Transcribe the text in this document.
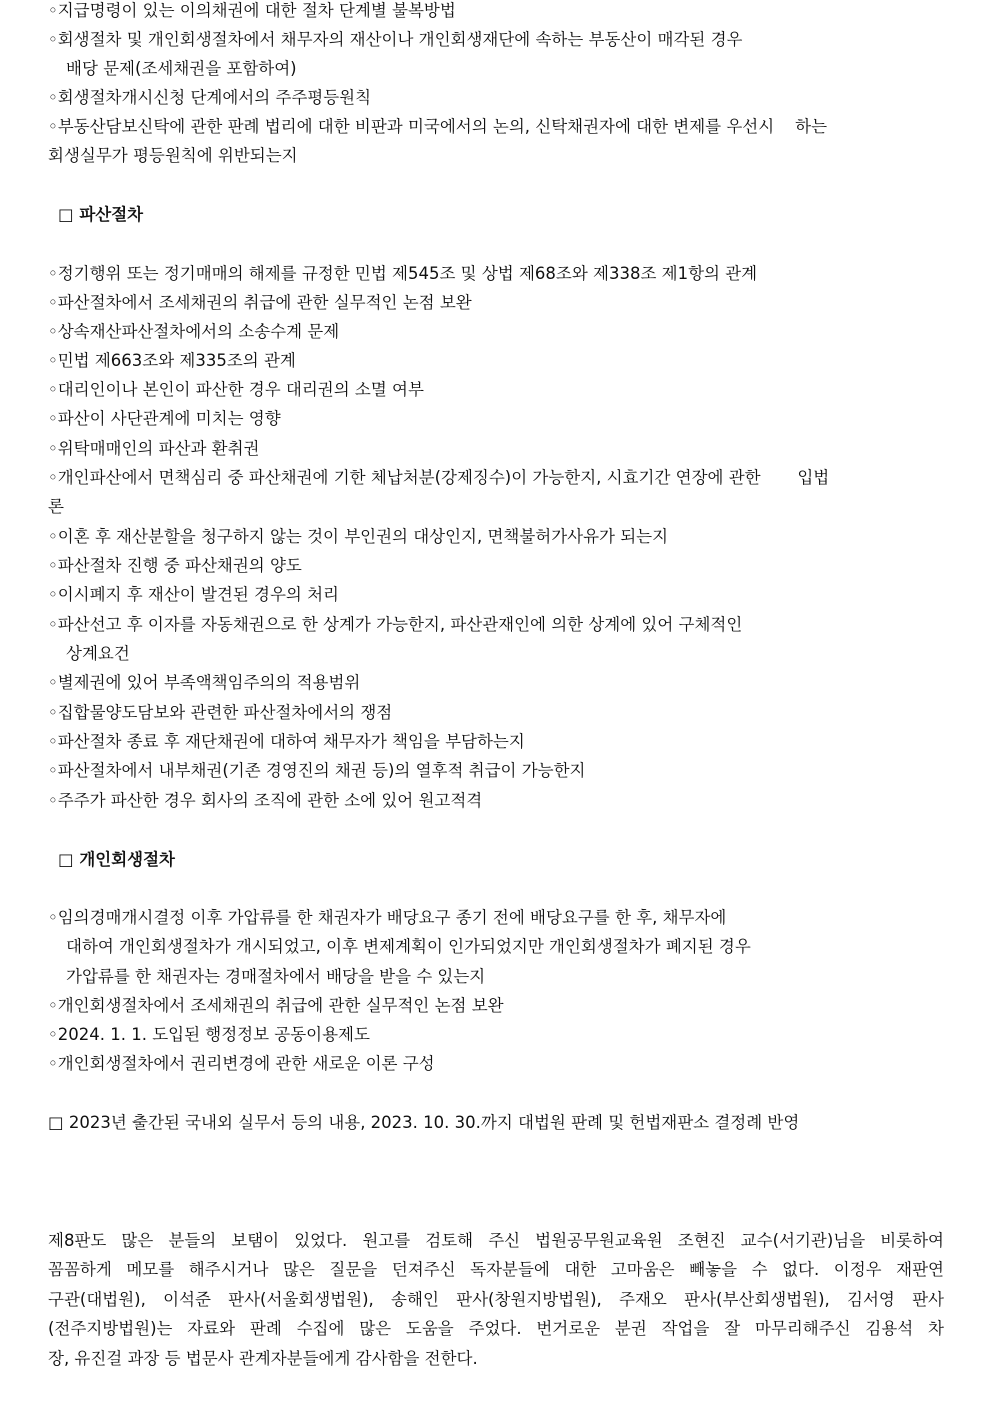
◦지급명령이 있는 이의채권에 대한 절차 단계별 불복방법
◦회생절차 및 개인회생절차에서 채무자의 재산이나 개인회생재단에 속하는 부동산이 매각된 경우
배당 문제(조세채권을 포함하여)
◦회생절차개시신청 단계에서의 주주평등원칙
◦부동산담보신탁에 관한 판례 법리에 대한 비판과 미국에서의 논의, 신탁채권자에 대한 변제를 우선시    하는
회생실무가 평등원칙에 위반되는지
□ 파산절차
◦정기행위 또는 정기매매의 해제를 규정한 민법 제545조 및 상법 제68조와 제338조 제1항의 관계
◦파산절차에서 조세채권의 취급에 관한 실무적인 논점 보완
◦상속재산파산절차에서의 소송수계 문제
◦민법 제663조와 제335조의 관계
◦대리인이나 본인이 파산한 경우 대리권의 소멸 여부
◦파산이 사단관계에 미치는 영향
◦위탁매매인의 파산과 환취권
◦개인파산에서 면책심리 중 파산채권에 기한 체납처분(강제징수)이 가능한지, 시효기간 연장에 관한       입법
론
◦이혼 후 재산분할을 청구하지 않는 것이 부인권의 대상인지, 면책불허가사유가 되는지
◦파산절차 진행 중 파산채권의 양도
◦이시폐지 후 재산이 발견된 경우의 처리
◦파산선고 후 이자를 자동채권으로 한 상계가 가능한지, 파산관재인에 의한 상계에 있어 구체적인
상계요건
◦별제권에 있어 부족액책임주의의 적용범위
◦집합물양도담보와 관련한 파산절차에서의 쟁점
◦파산절차 종료 후 재단채권에 대하여 채무자가 책임을 부담하는지
◦파산절차에서 내부채권(기존 경영진의 채권 등)의 열후적 취급이 가능한지
◦주주가 파산한 경우 회사의 조직에 관한 소에 있어 원고적격
□ 개인회생절차
◦임의경매개시결정 이후 가압류를 한 채권자가 배당요구 종기 전에 배당요구를 한 후, 채무자에
대하여 개인회생절차가 개시되었고, 이후 변제계획이 인가되었지만 개인회생절차가 폐지된 경우
가압류를 한 채권자는 경매절차에서 배당을 받을 수 있는지
◦개인회생절차에서 조세채권의 취급에 관한 실무적인 논점 보완
◦2024. 1. 1. 도입된 행정정보 공동이용제도
◦개인회생절차에서 권리변경에 관한 새로운 이론 구성
□ 2023년 출간된 국내외 실무서 등의 내용, 2023. 10. 30.까지 대법원 판례 및 헌법재판소 결정례 반영
제8판도 많은 분들의 보탬이 있었다. 원고를 검토해 주신 법원공무원교육원 조현진 교수(서기관)님을 비롯하여
꼼꼼하게 메모를 해주시거나 많은 질문을 던져주신 독자분들에 대한 고마움은 빼놓을 수 없다. 이정우 재판연
구관(대법원), 이석준 판사(서울회생법원), 송해인 판사(창원지방법원), 주재오 판사(부산회생법원), 김서영 판사
(전주지방법원)는 자료와 판례 수집에 많은 도움을 주었다. 번거로운 분권 작업을 잘 마무리해주신 김용석 차
장, 유진걸 과장 등 법문사 관계자분들에게 감사함을 전한다.
